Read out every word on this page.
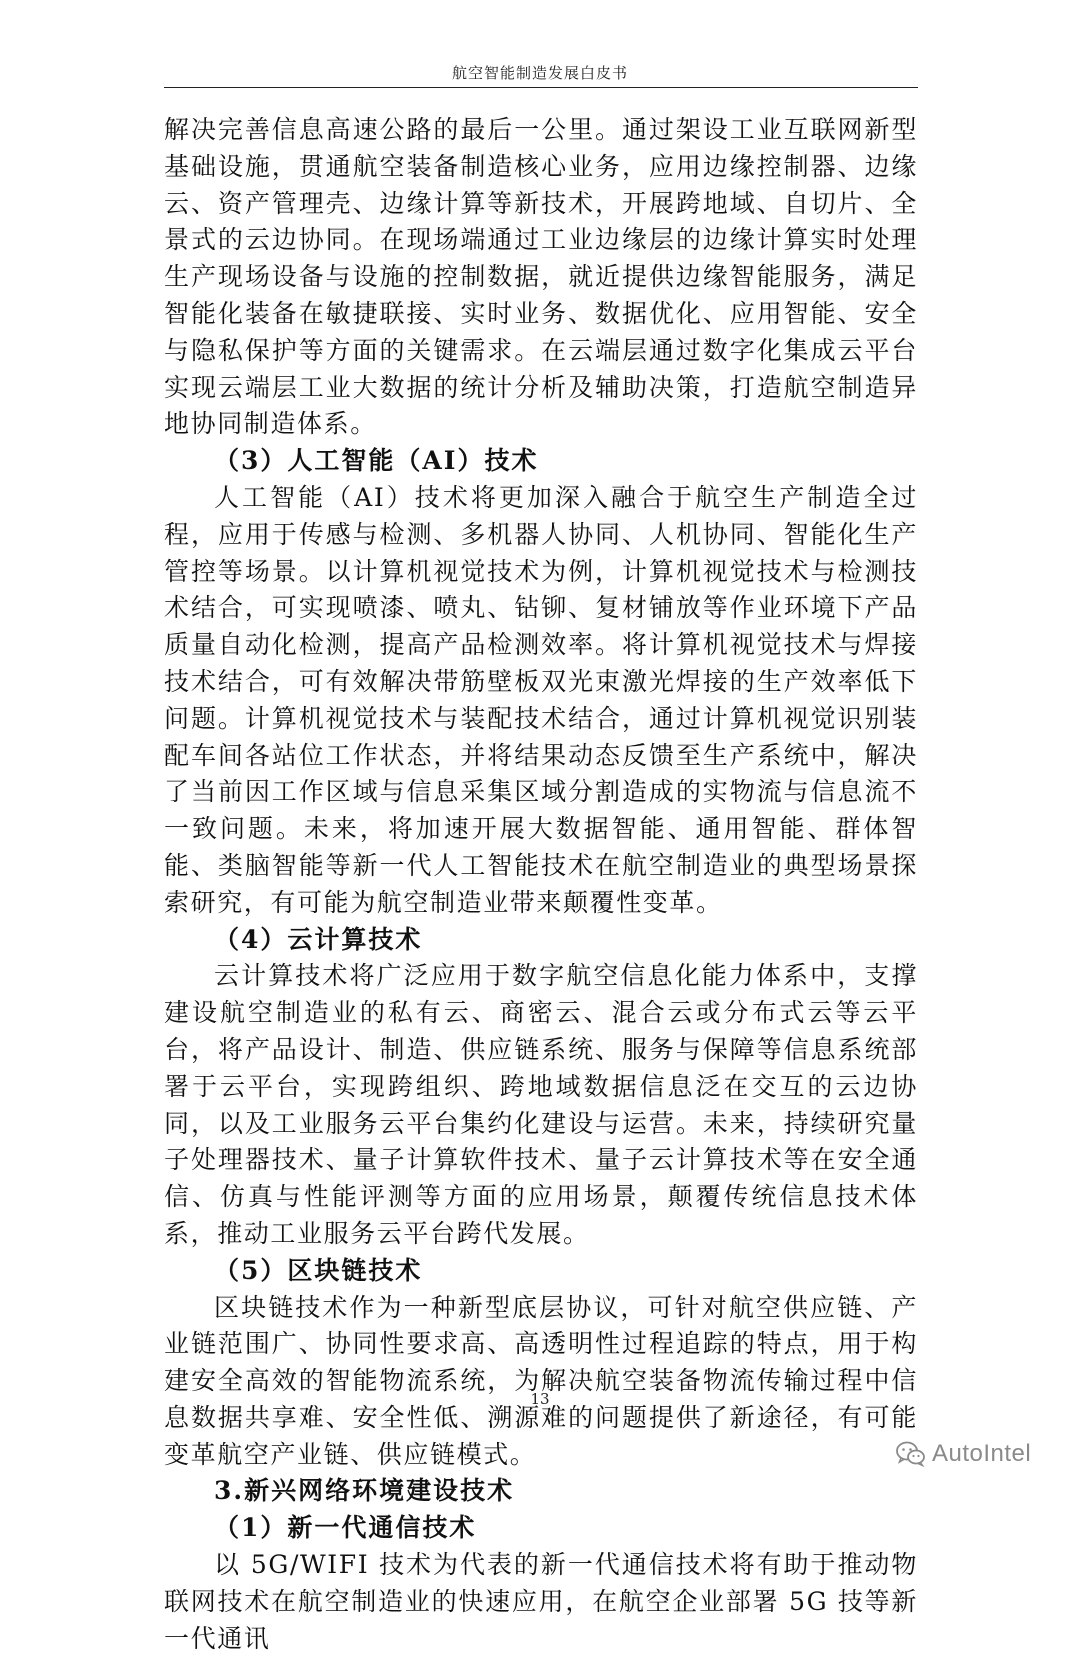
航空智能制造发展白皮书

解决完善信息高速公路的最后一公里。通过架设工业互联网新型基础设施，贯通航空装备制造核心业务，应用边缘控制器、边缘云、资产管理壳、边缘计算等新技术，开展跨地域、自切片、全景式的云边协同。在现场端通过工业边缘层的边缘计算实时处理生产现场设备与设施的控制数据，就近提供边缘智能服务，满足智能化装备在敏捷联接、实时业务、数据优化、应用智能、安全与隐私保护等方面的关键需求。在云端层通过数字化集成云平台实现云端层工业大数据的统计分析及辅助决策，打造航空制造异地协同制造体系。

（3）人工智能（AI）技术

人工智能（AI）技术将更加深入融合于航空生产制造全过程，应用于传感与检测、多机器人协同、人机协同、智能化生产管控等场景。以计算机视觉技术为例，计算机视觉技术与检测技术结合，可实现喷漆、喷丸、钻铆、复材铺放等作业环境下产品质量自动化检测，提高产品检测效率。将计算机视觉技术与焊接技术结合，可有效解决带筋壁板双光束激光焊接的生产效率低下问题。计算机视觉技术与装配技术结合，通过计算机视觉识别装配车间各站位工作状态，并将结果动态反馈至生产系统中，解决了当前因工作区域与信息采集区域分割造成的实物流与信息流不一致问题。未来，将加速开展大数据智能、通用智能、群体智能、类脑智能等新一代人工智能技术在航空制造业的典型场景探索研究，有可能为航空制造业带来颠覆性变革。

（4）云计算技术

云计算技术将广泛应用于数字航空信息化能力体系中，支撑建设航空制造业的私有云、商密云、混合云或分布式云等云平台，将产品设计、制造、供应链系统、服务与保障等信息系统部署于云平台，实现跨组织、跨地域数据信息泛在交互的云边协同，以及工业服务云平台集约化建设与运营。未来，持续研究量子处理器技术、量子计算软件技术、量子云计算技术等在安全通信、仿真与性能评测等方面的应用场景，颠覆传统信息技术体系，推动工业服务云平台跨代发展。

（5）区块链技术

区块链技术作为一种新型底层协议，可针对航空供应链、产业链范围广、协同性要求高、高透明性过程追踪的特点，用于构建安全高效的智能物流系统，为解决航空装备物流传输过程中信息数据共享难、安全性低、溯源难的问题提供了新途径，有可能变革航空产业链、供应链模式。

3.新兴网络环境建设技术

（1）新一代通信技术

以 5G/WIFI 技术为代表的新一代通信技术将有助于推动物联网技术在航空制造业的快速应用，在航空企业部署 5G 技等新一代通讯

13
AutoIntel
